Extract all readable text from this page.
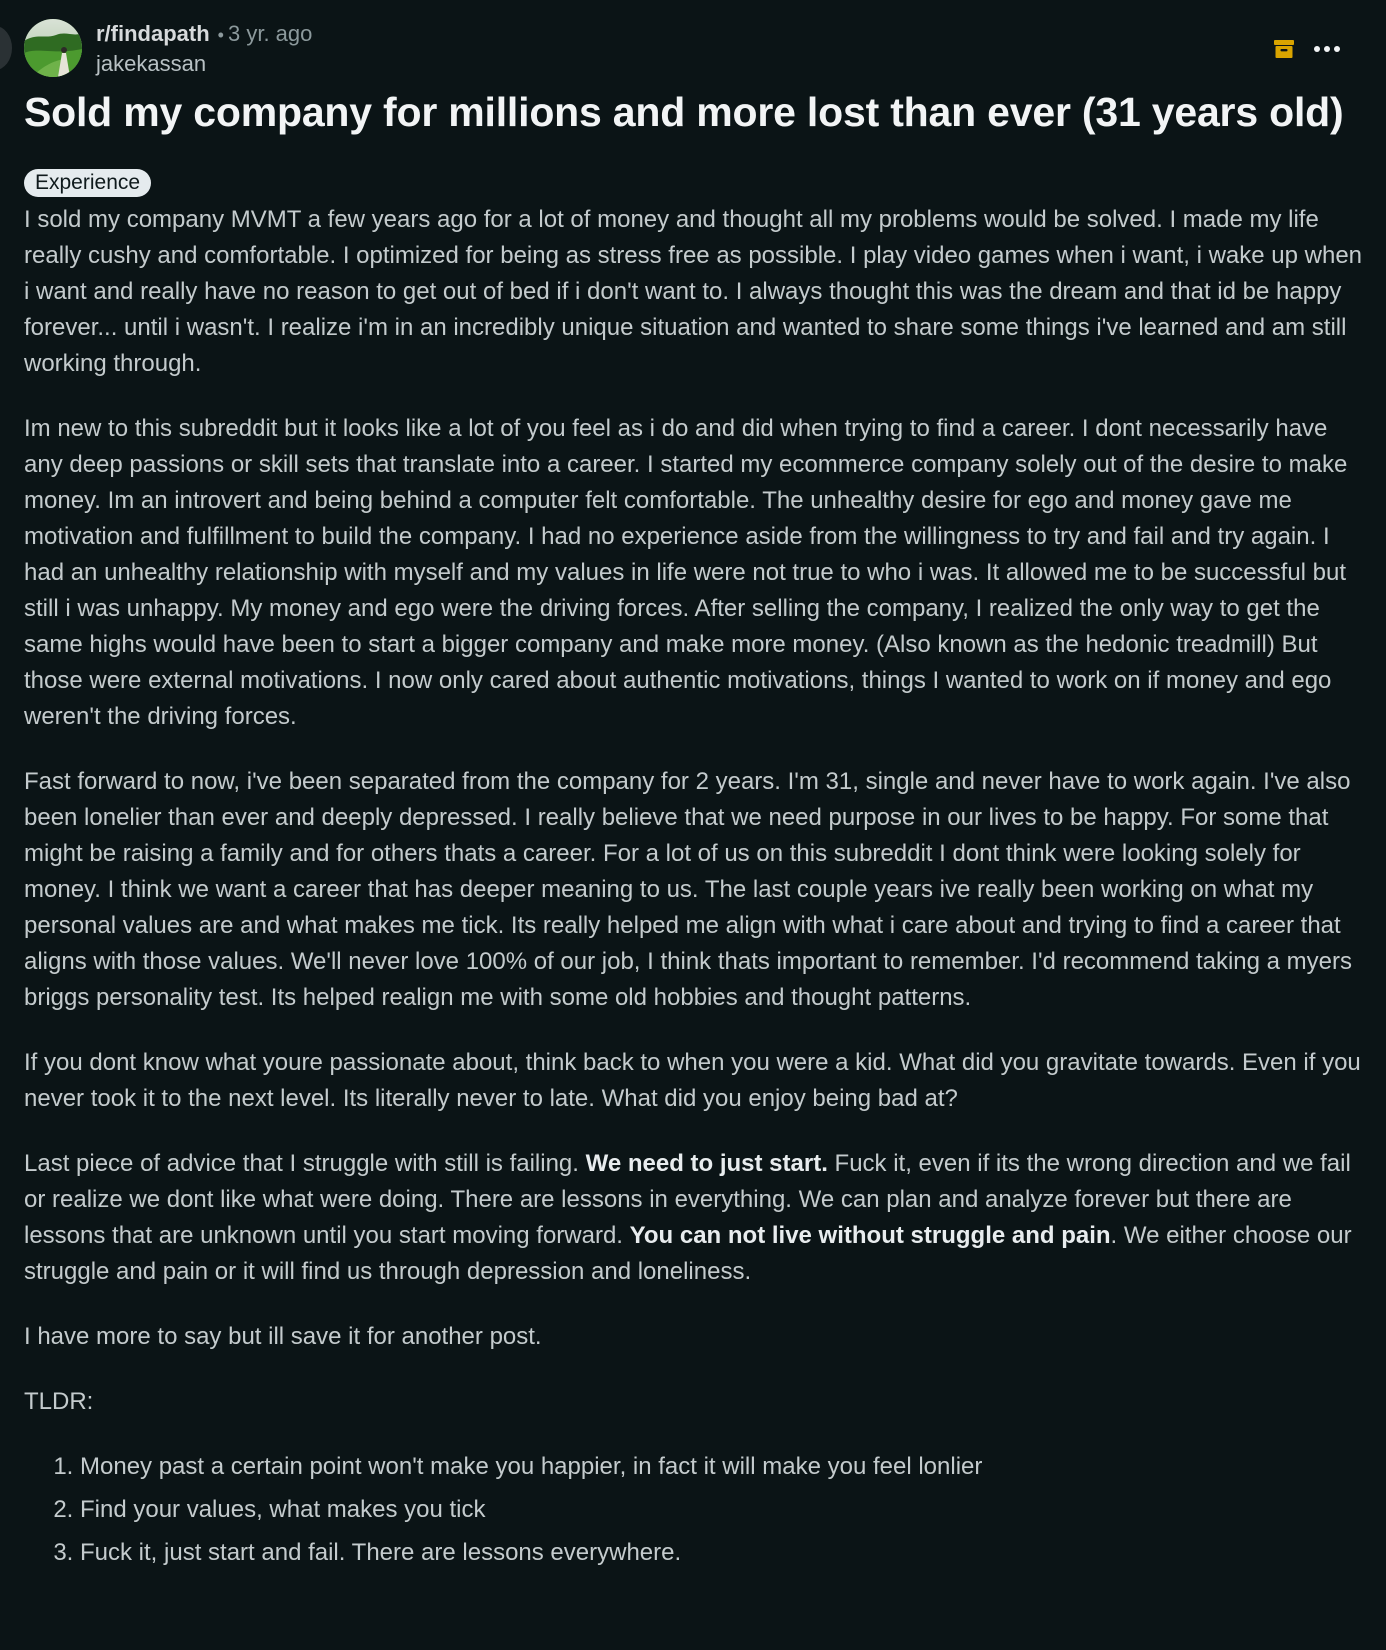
r/findapath • 3 yr. ago
jakekassan
Sold my company for millions and more lost than ever (31 years old)
Experience

I sold my company MVMT a few years ago for a lot of money and thought all my problems would be solved. I made my life really cushy and comfortable. I optimized for being as stress free as possible. I play video games when i want, i wake up when i want and really have no reason to get out of bed if i don't want to. I always thought this was the dream and that id be happy forever... until i wasn't. I realize i'm in an incredibly unique situation and wanted to share some things i've learned and am still working through.

Im new to this subreddit but it looks like a lot of you feel as i do and did when trying to find a career. I dont necessarily have any deep passions or skill sets that translate into a career. I started my ecommerce company solely out of the desire to make money. Im an introvert and being behind a computer felt comfortable. The unhealthy desire for ego and money gave me motivation and fulfillment to build the company. I had no experience aside from the willingness to try and fail and try again. I had an unhealthy relationship with myself and my values in life were not true to who i was. It allowed me to be successful but still i was unhappy. My money and ego were the driving forces. After selling the company, I realized the only way to get the same highs would have been to start a bigger company and make more money. (Also known as the hedonic treadmill) But those were external motivations. I now only cared about authentic motivations, things I wanted to work on if money and ego weren't the driving forces.

Fast forward to now, i've been separated from the company for 2 years. I'm 31, single and never have to work again. I've also been lonelier than ever and deeply depressed. I really believe that we need purpose in our lives to be happy. For some that might be raising a family and for others thats a career. For a lot of us on this subreddit I dont think were looking solely for money. I think we want a career that has deeper meaning to us. The last couple years ive really been working on what my personal values are and what makes me tick. Its really helped me align with what i care about and trying to find a career that aligns with those values. We'll never love 100% of our job, I think thats important to remember. I'd recommend taking a myers briggs personality test. Its helped realign me with some old hobbies and thought patterns.

If you dont know what youre passionate about, think back to when you were a kid. What did you gravitate towards. Even if you never took it to the next level. Its literally never to late. What did you enjoy being bad at?

Last piece of advice that I struggle with still is failing. We need to just start. Fuck it, even if its the wrong direction and we fail or realize we dont like what were doing. There are lessons in everything. We can plan and analyze forever but there are lessons that are unknown until you start moving forward. You can not live without struggle and pain. We either choose our struggle and pain or it will find us through depression and loneliness.

I have more to say but ill save it for another post.

TLDR:

1. Money past a certain point won't make you happier, in fact it will make you feel lonlier
2. Find your values, what makes you tick
3. Fuck it, just start and fail. There are lessons everywhere.
